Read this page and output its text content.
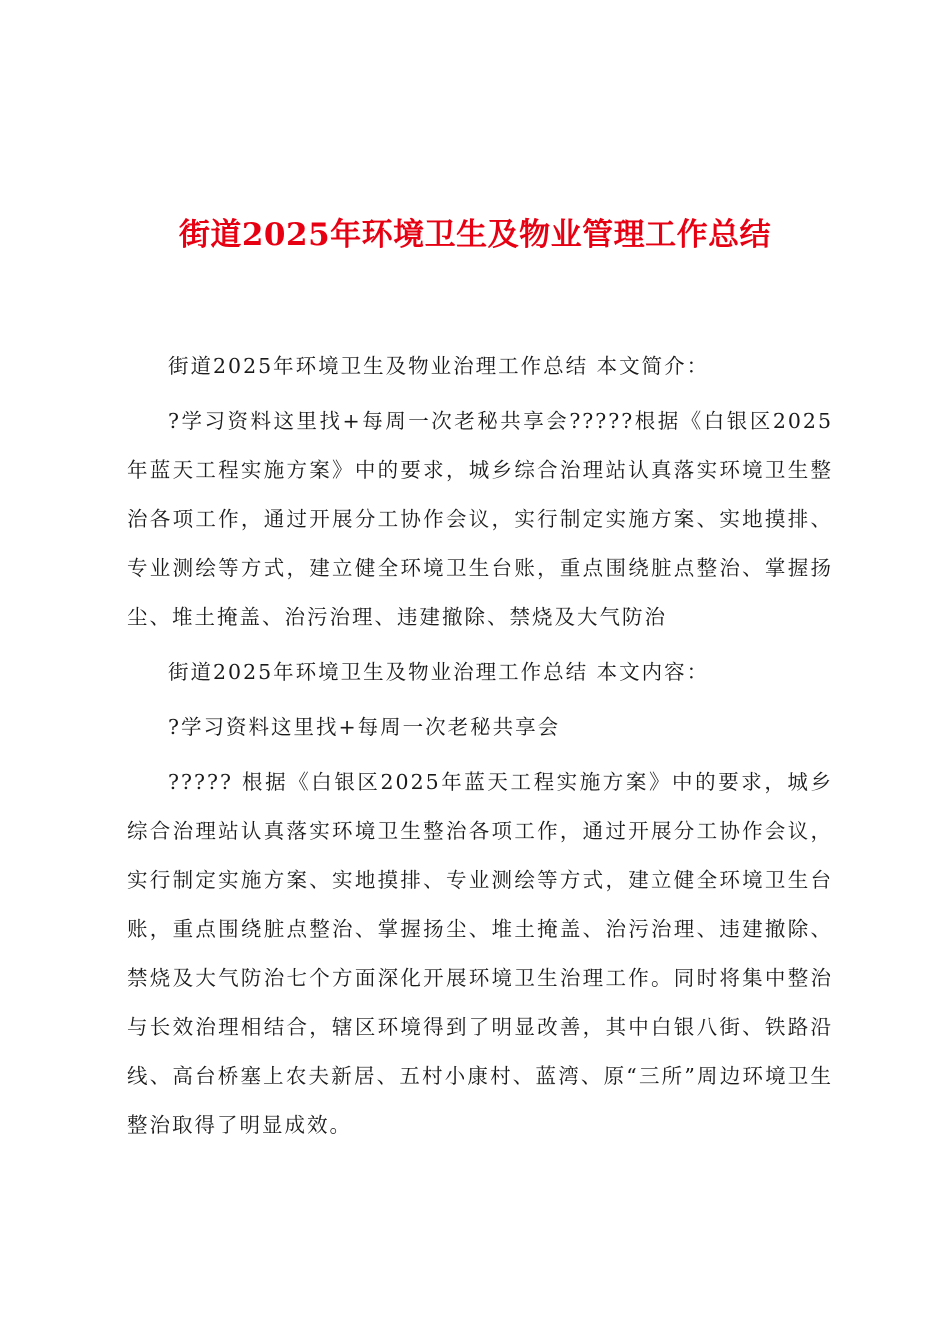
街道2025年环境卫生及物业管理工作总结

街道2025年环境卫生及物业治理工作总结 本文简介：

?学习资料这里找+每周一次老秘共享会?????根据《白银区2025年蓝天工程实施方案》中的要求，城乡综合治理站认真落实环境卫生整治各项工作，通过开展分工协作会议，实行制定实施方案、实地摸排、专业测绘等方式，建立健全环境卫生台账，重点围绕脏点整治、掌握扬尘、堆土掩盖、治污治理、违建撤除、禁烧及大气防治

街道2025年环境卫生及物业治理工作总结 本文内容：

?学习资料这里找+每周一次老秘共享会

????? 根据《白银区2025年蓝天工程实施方案》中的要求，城乡综合治理站认真落实环境卫生整治各项工作，通过开展分工协作会议，实行制定实施方案、实地摸排、专业测绘等方式，建立健全环境卫生台账，重点围绕脏点整治、掌握扬尘、堆土掩盖、治污治理、违建撤除、禁烧及大气防治七个方面深化开展环境卫生治理工作。同时将集中整治与长效治理相结合，辖区环境得到了明显改善，其中白银八街、铁路沿线、高台桥塞上农夫新居、五村小康村、蓝湾、原“三所”周边环境卫生整治取得了明显成效。
